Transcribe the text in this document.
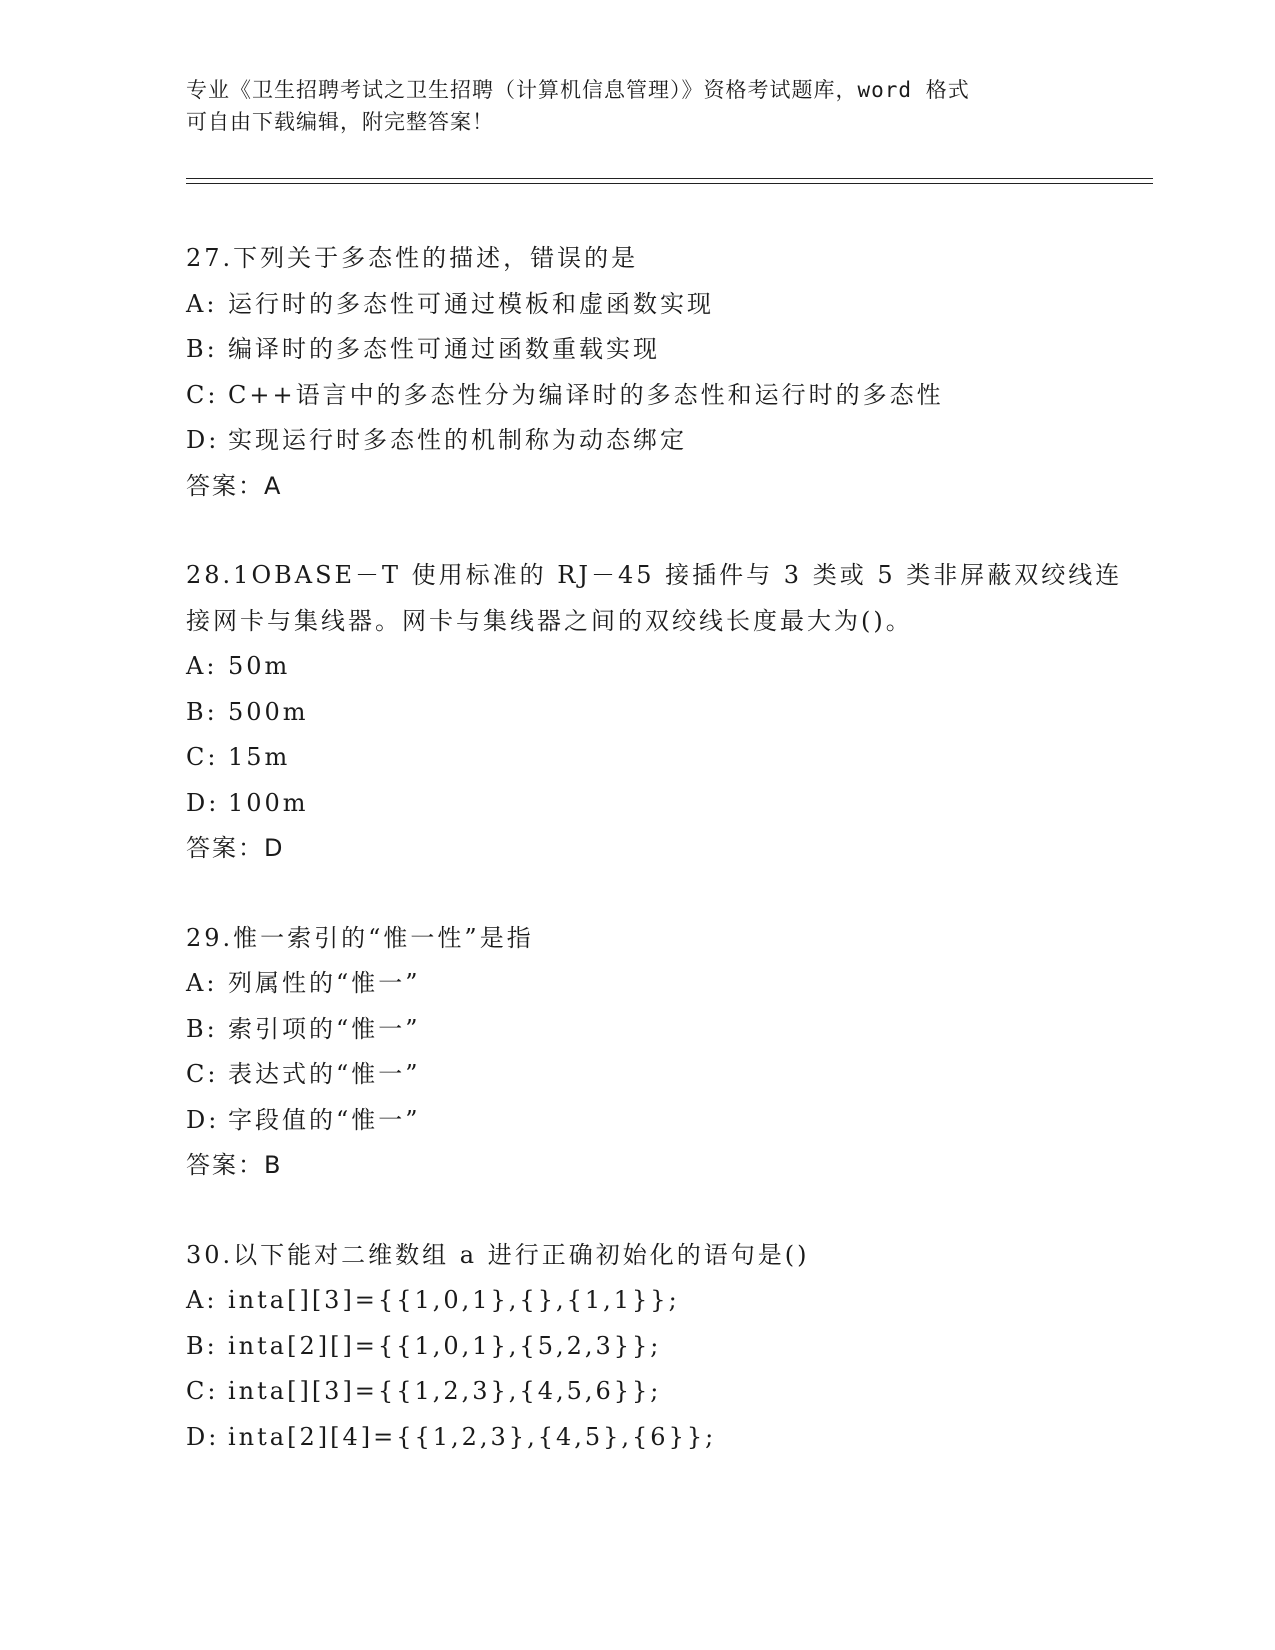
专业《卫生招聘考试之卫生招聘（计算机信息管理）》资格考试题库，word 格式
可自由下载编辑，附完整答案！
27.下列关于多态性的描述，错误的是
A: 运行时的多态性可通过模板和虚函数实现
B: 编译时的多态性可通过函数重载实现
C: C++语言中的多态性分为编译时的多态性和运行时的多态性
D: 实现运行时多态性的机制称为动态绑定
答案：A
28.1OBASE－T 使用标准的 RJ－45 接插件与 3 类或 5 类非屏蔽双绞线连
接网卡与集线器。网卡与集线器之间的双绞线长度最大为()。
A: 50m
B: 500m
C: 15m
D: 100m
答案：D
29.惟一索引的“惟一性”是指
A: 列属性的“惟一”
B: 索引项的“惟一”
C: 表达式的“惟一”
D: 字段值的“惟一”
答案：B
30.以下能对二维数组 a 进行正确初始化的语句是()
A: inta[][3]={{1,0,1},{},{1,1}};
B: inta[2][]={{1,0,1},{5,2,3}};
C: inta[][3]={{1,2,3},{4,5,6}};
D: inta[2][4]={{1,2,3},{4,5},{6}};
